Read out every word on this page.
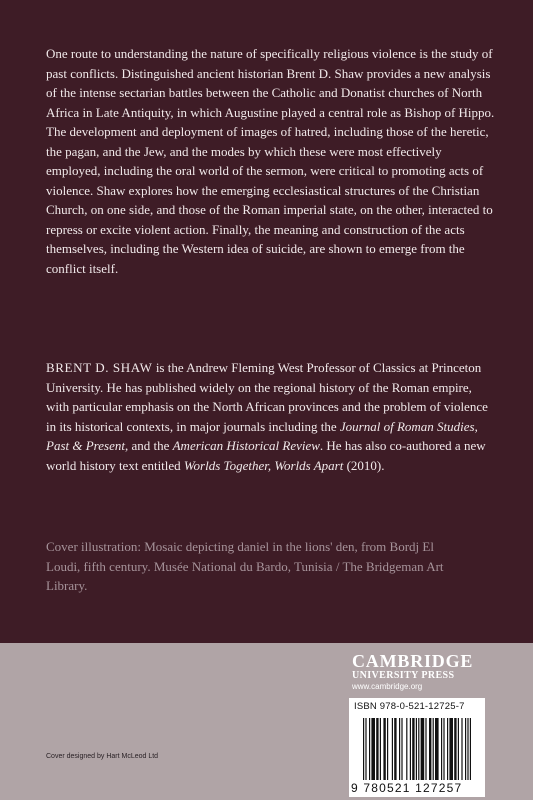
One route to understanding the nature of specifically religious violence is the study of past conflicts. Distinguished ancient historian Brent D. Shaw provides a new analysis of the intense sectarian battles between the Catholic and Donatist churches of North Africa in Late Antiquity, in which Augustine played a central role as Bishop of Hippo. The development and deployment of images of hatred, including those of the heretic, the pagan, and the Jew, and the modes by which these were most effectively employed, including the oral world of the sermon, were critical to promoting acts of violence. Shaw explores how the emerging ecclesiastical structures of the Christian Church, on one side, and those of the Roman imperial state, on the other, interacted to repress or excite violent action. Finally, the meaning and construction of the acts themselves, including the Western idea of suicide, are shown to emerge from the conflict itself.

BRENT D. SHAW is the Andrew Fleming West Professor of Classics at Princeton University. He has published widely on the regional history of the Roman empire, with particular emphasis on the North African provinces and the problem of violence in its historical contexts, in major journals including the Journal of Roman Studies, Past & Present, and the American Historical Review. He has also co-authored a new world history text entitled Worlds Together, Worlds Apart (2010).

Cover illustration: Mosaic depicting daniel in the lions' den, from Bordj El Loudi, fifth century. Musée National du Bardo, Tunisia / The Bridgeman Art Library.

CAMBRIDGE
UNIVERSITY PRESS
www.cambridge.org
ISBN 978-0-521-12725-7
9 780521 127257
Cover designed by Hart McLeod Ltd
